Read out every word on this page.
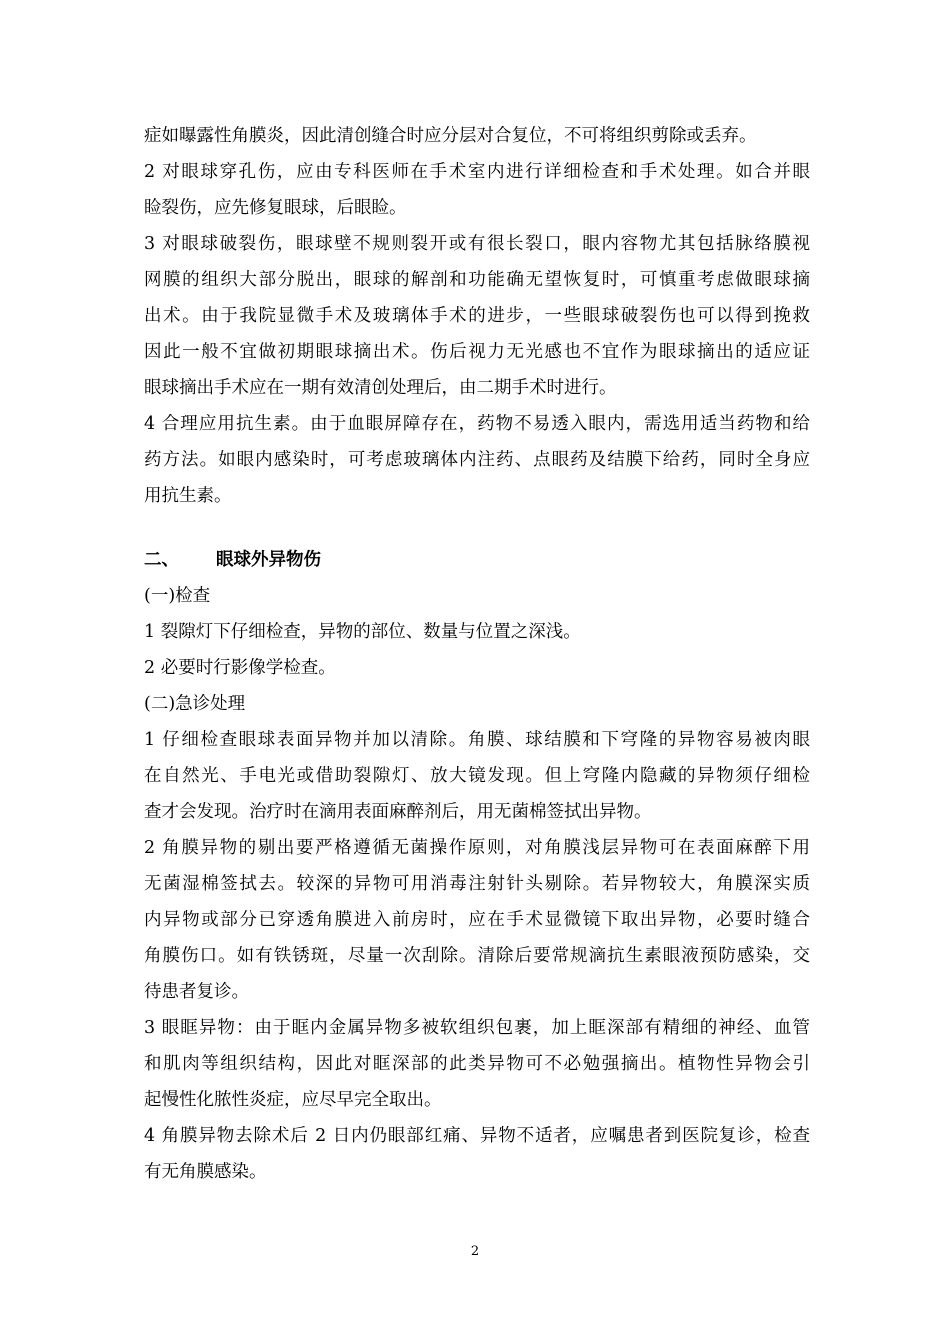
症如曝露性角膜炎，因此清创缝合时应分层对合复位，不可将组织剪除或丢弃。
2 对眼球穿孔伤，应由专科医师在手术室内进行详细检查和手术处理。如合并眼
睑裂伤，应先修复眼球，后眼睑。
3 对眼球破裂伤，眼球壁不规则裂开或有很长裂口，眼内容物尤其包括脉络膜视
网膜的组织大部分脱出，眼球的解剖和功能确无望恢复时，可慎重考虑做眼球摘
出术。由于我院显微手术及玻璃体手术的进步，一些眼球破裂伤也可以得到挽救
因此一般不宜做初期眼球摘出术。伤后视力无光感也不宜作为眼球摘出的适应证
眼球摘出手术应在一期有效清创处理后，由二期手术时进行。
4 合理应用抗生素。由于血眼屏障存在，药物不易透入眼内，需选用适当药物和给
药方法。如眼内感染时，可考虑玻璃体内注药、点眼药及结膜下给药，同时全身应
用抗生素。
二、	眼球外异物伤
(一)检查
1 裂隙灯下仔细检查，异物的部位、数量与位置之深浅。
2 必要时行影像学检查。
(二)急诊处理
1 仔细检查眼球表面异物并加以清除。角膜、球结膜和下穹隆的异物容易被肉眼
在自然光、手电光或借助裂隙灯、放大镜发现。但上穹隆内隐藏的异物须仔细检
查才会发现。治疗时在滴用表面麻醉剂后，用无菌棉签拭出异物。
2 角膜异物的剔出要严格遵循无菌操作原则，对角膜浅层异物可在表面麻醉下用
无菌湿棉签拭去。较深的异物可用消毒注射针头剔除。若异物较大，角膜深实质
内异物或部分已穿透角膜进入前房时，应在手术显微镜下取出异物，必要时缝合
角膜伤口。如有铁锈斑，尽量一次刮除。清除后要常规滴抗生素眼液预防感染，交
待患者复诊。
3 眼眶异物：由于眶内金属异物多被软组织包裹，加上眶深部有精细的神经、血管
和肌肉等组织结构，因此对眶深部的此类异物可不必勉强摘出。植物性异物会引
起慢性化脓性炎症，应尽早完全取出。
4 角膜异物去除术后 2 日内仍眼部红痛、异物不适者，应嘱患者到医院复诊，检查
有无角膜感染。
2
